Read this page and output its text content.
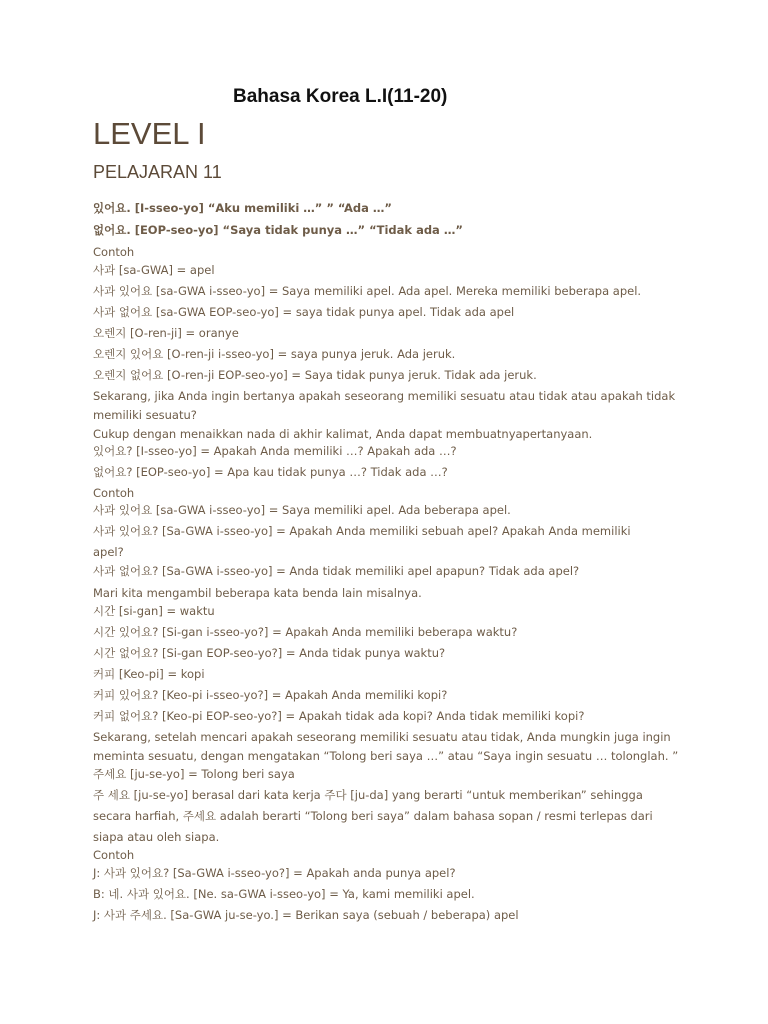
Bahasa Korea L.I(11-20)
LEVEL I
PELAJARAN 11
있어요. [I-sseo-yo] “Aku memiliki …” ” “Ada …”
없어요. [EOP-seo-yo] “Saya tidak punya …” “Tidak ada …”
Contoh
사과 [sa-GWA] = apel
사과 있어요 [sa-GWA i-sseo-yo] = Saya memiliki apel. Ada apel. Mereka memiliki beberapa apel.
사과 없어요 [sa-GWA EOP-seo-yo] = saya tidak punya apel. Tidak ada apel
오렌지 [O-ren-ji] = oranye
오렌지 있어요 [O-ren-ji i-sseo-yo] = saya punya jeruk. Ada jeruk.
오렌지 없어요 [O-ren-ji EOP-seo-yo] = Saya tidak punya jeruk. Tidak ada jeruk.
Sekarang, jika Anda ingin bertanya apakah seseorang memiliki sesuatu atau tidak atau apakah tidak
memiliki sesuatu?
Cukup dengan menaikkan nada di akhir kalimat, Anda dapat membuatnyapertanyaan.
있어요? [I-sseo-yo] = Apakah Anda memiliki …? Apakah ada …?
없어요? [EOP-seo-yo] = Apa kau tidak punya …? Tidak ada …?
Contoh
사과 있어요 [sa-GWA i-sseo-yo] = Saya memiliki apel. Ada beberapa apel.
사과 있어요? [Sa-GWA i-sseo-yo] = Apakah Anda memiliki sebuah apel? Apakah Anda memiliki
apel?
사과 없어요? [Sa-GWA i-sseo-yo] = Anda tidak memiliki apel apapun? Tidak ada apel?
Mari kita mengambil beberapa kata benda lain misalnya.
시간 [si-gan] = waktu
시간 있어요? [Si-gan i-sseo-yo?] = Apakah Anda memiliki beberapa waktu?
시간 없어요? [Si-gan EOP-seo-yo?] = Anda tidak punya waktu?
커피 [Keo-pi] = kopi
커피 있어요? [Keo-pi i-sseo-yo?] = Apakah Anda memiliki kopi?
커피 없어요? [Keo-pi EOP-seo-yo?] = Apakah tidak ada kopi? Anda tidak memiliki kopi?
Sekarang, setelah mencari apakah seseorang memiliki sesuatu atau tidak, Anda mungkin juga ingin
meminta sesuatu, dengan mengatakan “Tolong beri saya …” atau “Saya ingin sesuatu … tolonglah. ”
주세요 [ju-se-yo] = Tolong beri saya
주 세요 [ju-se-yo] berasal dari kata kerja 주다 [ju-da] yang berarti “untuk memberikan” sehingga
secara harfiah, 주세요 adalah berarti “Tolong beri saya” dalam bahasa sopan / resmi terlepas dari
siapa atau oleh siapa.
Contoh
J: 사과 있어요? [Sa-GWA i-sseo-yo?] = Apakah anda punya apel?
B: 네. 사과 있어요. [Ne. sa-GWA i-sseo-yo] = Ya, kami memiliki apel.
J: 사과 주세요. [Sa-GWA ju-se-yo.] = Berikan saya (sebuah / beberapa) apel
